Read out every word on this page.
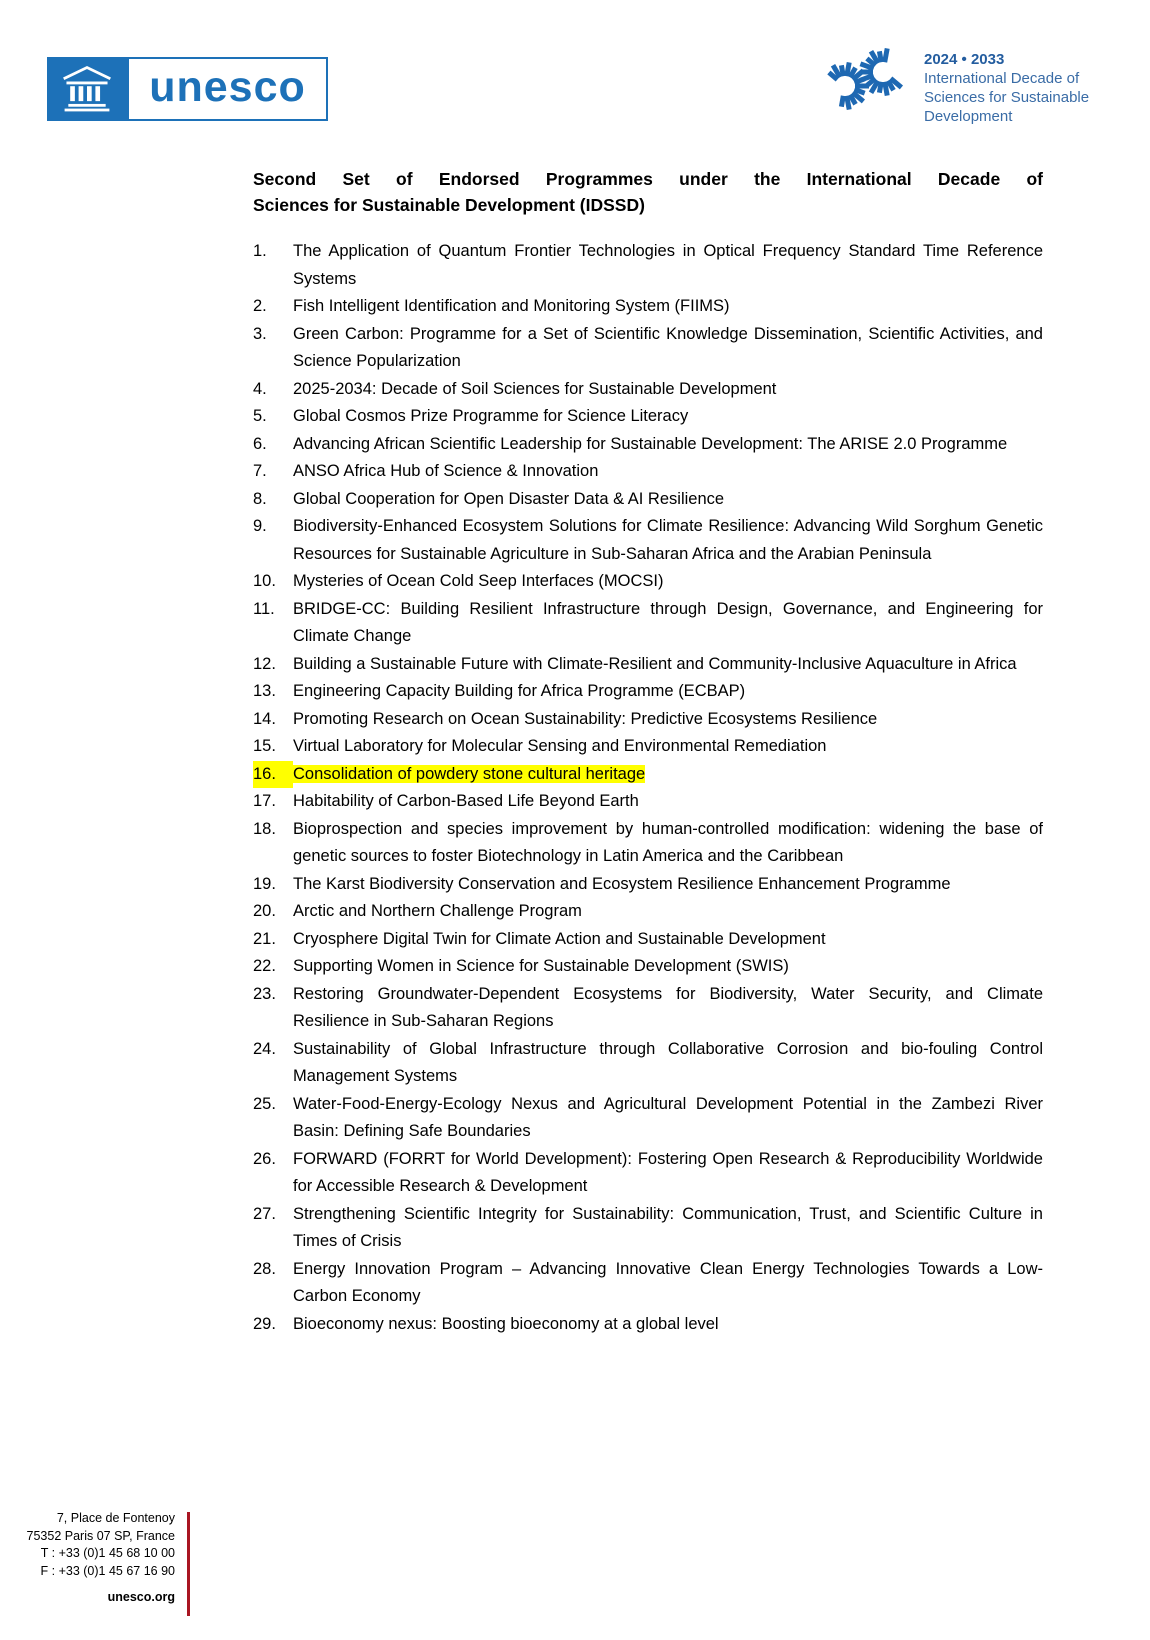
unesco
2024 • 2033
International Decade of
Sciences for Sustainable
Development
Second Set of Endorsed Programmes under the International Decade of
Sciences for Sustainable Development (IDSSD)
1. The Application of Quantum Frontier Technologies in Optical Frequency Standard Time Reference Systems
2. Fish Intelligent Identification and Monitoring System (FIIMS)
3. Green Carbon: Programme for a Set of Scientific Knowledge Dissemination, Scientific Activities, and Science Popularization
4. 2025-2034: Decade of Soil Sciences for Sustainable Development
5. Global Cosmos Prize Programme for Science Literacy
6. Advancing African Scientific Leadership for Sustainable Development: The ARISE 2.0 Programme
7. ANSO Africa Hub of Science & Innovation
8. Global Cooperation for Open Disaster Data & AI Resilience
9. Biodiversity-Enhanced Ecosystem Solutions for Climate Resilience: Advancing Wild Sorghum Genetic Resources for Sustainable Agriculture in Sub-Saharan Africa and the Arabian Peninsula
10. Mysteries of Ocean Cold Seep Interfaces (MOCSI)
11. BRIDGE-CC: Building Resilient Infrastructure through Design, Governance, and Engineering for Climate Change
12. Building a Sustainable Future with Climate-Resilient and Community-Inclusive Aquaculture in Africa
13. Engineering Capacity Building for Africa Programme (ECBAP)
14. Promoting Research on Ocean Sustainability: Predictive Ecosystems Resilience
15. Virtual Laboratory for Molecular Sensing and Environmental Remediation
16.	Consolidation of powdery stone cultural heritage
17. Habitability of Carbon-Based Life Beyond Earth
18. Bioprospection and species improvement by human-controlled modification: widening the base of genetic sources to foster Biotechnology in Latin America and the Caribbean
19. The Karst Biodiversity Conservation and Ecosystem Resilience Enhancement Programme
20. Arctic and Northern Challenge Program
21. Cryosphere Digital Twin for Climate Action and Sustainable Development
22. Supporting Women in Science for Sustainable Development (SWIS)
23. Restoring Groundwater-Dependent Ecosystems for Biodiversity, Water Security, and Climate Resilience in Sub-Saharan Regions
24. Sustainability of Global Infrastructure through Collaborative Corrosion and bio-fouling Control Management Systems
25. Water-Food-Energy-Ecology Nexus and Agricultural Development Potential in the Zambezi River Basin: Defining Safe Boundaries
26. FORWARD (FORRT for World Development): Fostering Open Research & Reproducibility Worldwide for Accessible Research & Development
27. Strengthening Scientific Integrity for Sustainability: Communication, Trust, and Scientific Culture in Times of Crisis
28. Energy Innovation Program – Advancing Innovative Clean Energy Technologies Towards a Low-Carbon Economy
29. Bioeconomy nexus: Boosting bioeconomy at a global level
7, Place de Fontenoy
75352 Paris 07 SP, France
T : +33 (0)1 45 68 10 00
F : +33 (0)1 45 67 16 90
unesco.org
